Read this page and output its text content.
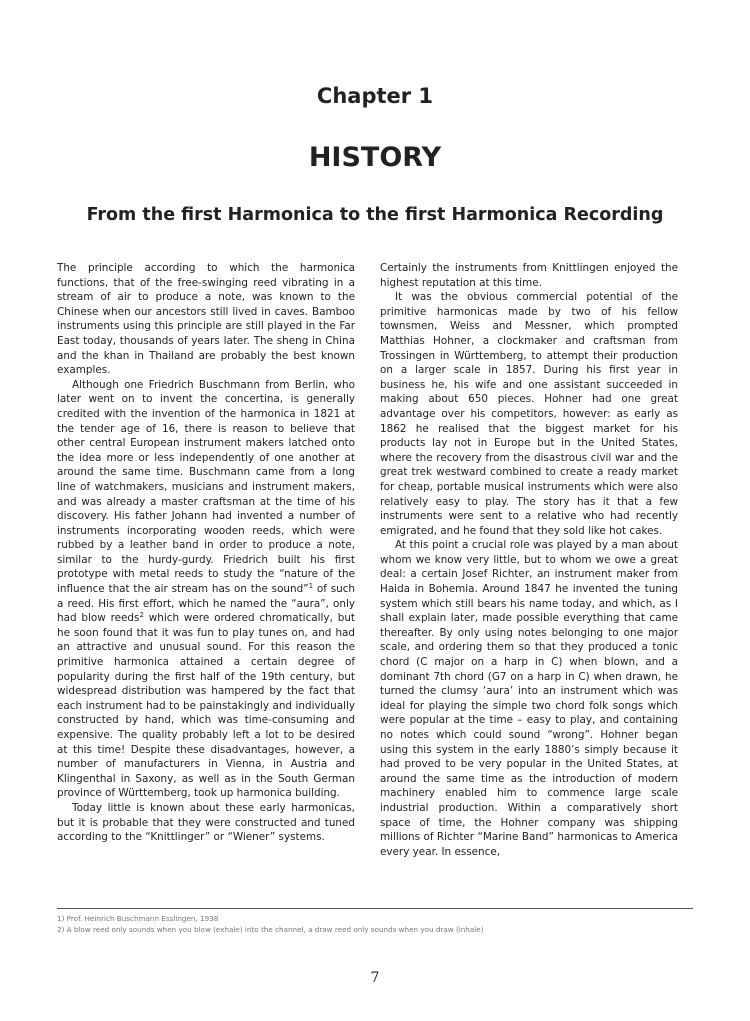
Chapter 1
HISTORY
From the first Harmonica to the first Harmonica Recording

The principle according to which the harmonica functions, that of the free-swinging reed vibrating in a stream of air to produce a note, was known to the Chinese when our ancestors still lived in caves. Bamboo instruments using this principle are still played in the Far East today, thousands of years later. The sheng in China and the khan in Thailand are probably the best known examples.

Although one Friedrich Buschmann from Berlin, who later went on to invent the concertina, is generally credited with the invention of the harmonica in 1821 at the tender age of 16, there is reason to believe that other central European instrument makers latched onto the idea more or less independently of one another at around the same time. Buschmann came from a long line of watchmakers, musicians and instrument makers, and was already a master craftsman at the time of his discovery. His father Johann had invented a number of instruments incorporating wooden reeds, which were rubbed by a leather band in order to produce a note, similar to the hurdy-gurdy. Friedrich built his first prototype with metal reeds to study the “nature of the influence that the air stream has on the sound”$^1$ of such a reed. His first effort, which he named the “aura”, only had blow reeds$^2$ which were ordered chromatically, but he soon found that it was fun to play tunes on, and had an attractive and unusual sound. For this reason the primitive harmonica attained a certain degree of popularity during the first half of the 19th century, but widespread distribution was hampered by the fact that each instrument had to be painstakingly and individually constructed by hand, which was time-consuming and expensive. The quality probably left a lot to be desired at this time! Despite these disadvantages, however, a number of manufacturers in Vienna, in Austria and Klingenthal in Saxony, as well as in the South German province of Württemberg, took up harmonica building.

Today little is known about these early harmonicas, but it is probable that they were constructed and tuned according to the “Knittlinger” or “Wiener” systems.

Certainly the instruments from Knittlingen enjoyed the highest reputation at this time.

It was the obvious commercial potential of the primitive harmonicas made by two of his fellow townsmen, Weiss and Messner, which prompted Matthias Hohner, a clockmaker and craftsman from Trossingen in Württemberg, to attempt their production on a larger scale in 1857. During his first year in business he, his wife and one assistant succeeded in making about 650 pieces. Hohner had one great advantage over his competitors, however: as early as 1862 he realised that the biggest market for his products lay not in Europe but in the United States, where the recovery from the disastrous civil war and the great trek westward combined to create a ready market for cheap, portable musical instruments which were also relatively easy to play. The story has it that a few instruments were sent to a relative who had recently emigrated, and he found that they sold like hot cakes.

At this point a crucial role was played by a man about whom we know very little, but to whom we owe a great deal: a certain Josef Richter, an instrument maker from Haida in Bohemia. Around 1847 he invented the tuning system which still bears his name today, and which, as I shall explain later, made possible everything that came thereafter. By only using notes belonging to one major scale, and ordering them so that they produced a tonic chord (C major on a harp in C) when blown, and a dominant 7th chord (G7 on a harp in C) when drawn, he turned the clumsy ‘aura’ into an instrument which was ideal for playing the simple two chord folk songs which were popular at the time – easy to play, and containing no notes which could sound “wrong”. Hohner began using this system in the early 1880’s simply because it had proved to be very popular in the United States, at around the same time as the introduction of modern machinery enabled him to commence large scale industrial production. Within a comparatively short space of time, the Hohner company was shipping millions of Richter “Marine Band” harmonicas to America every year. In essence,

1) Prof. Heinrich Buschmann Esslingen, 1938
2) A blow reed only sounds when you blow (exhale) into the channel, a draw reed only sounds when you draw (inhale)
7
